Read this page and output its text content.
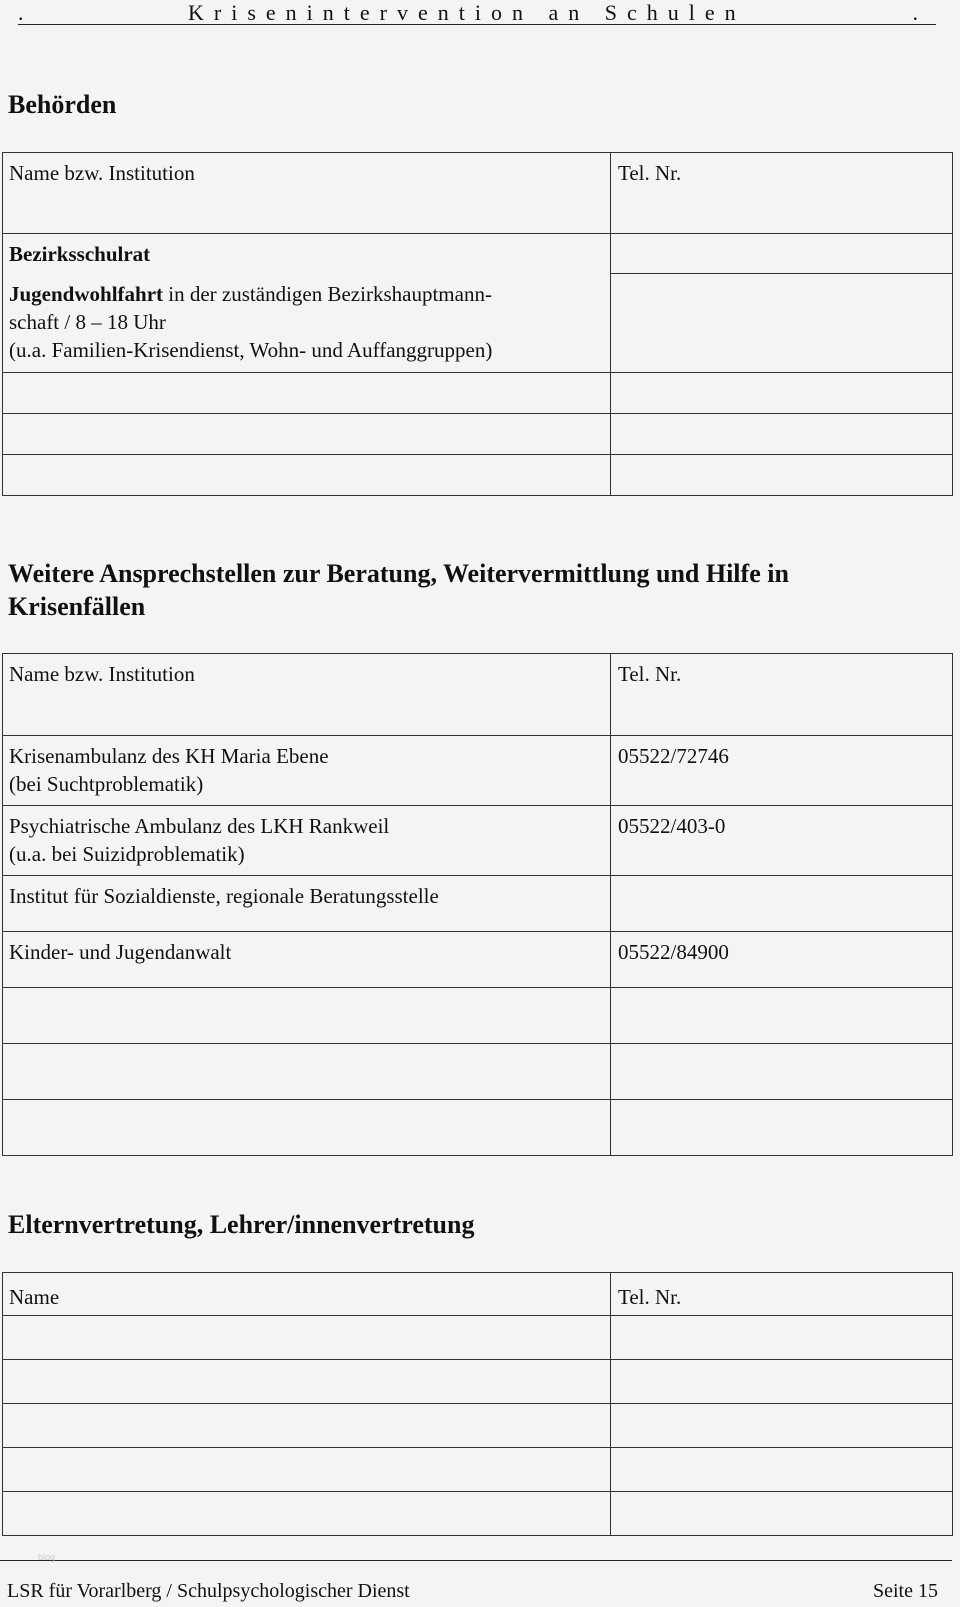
.	Krisenintervention an Schulen	.
Behörden
Name bzw. Institution	Tel. Nr.
Bezirksschulrat	
Jugendwohlfahrt in der zuständigen Bezirkshauptmann-
schaft / 8 – 18 Uhr
(u.a. Familien-Krisendienst, Wohn- und Auffanggruppen)	

Weitere Ansprechstellen zur Beratung, Weitervermittlung und Hilfe in Krisenfällen
Name bzw. Institution	Tel. Nr.
Krisenambulanz des KH Maria Ebene
(bei Suchtproblematik)	05522/72746
Psychiatrische Ambulanz des LKH Rankweil
(u.a. bei Suizidproblematik)	05522/403-0
Institut für Sozialdienste, regionale Beratungsstelle	
Kinder- und Jugendanwalt	05522/84900

Elternvertretung, Lehrer/innenvertretung
Name	Tel. Nr.

blog
LSR für Vorarlberg / Schulpsychologischer Dienst	Seite 15
